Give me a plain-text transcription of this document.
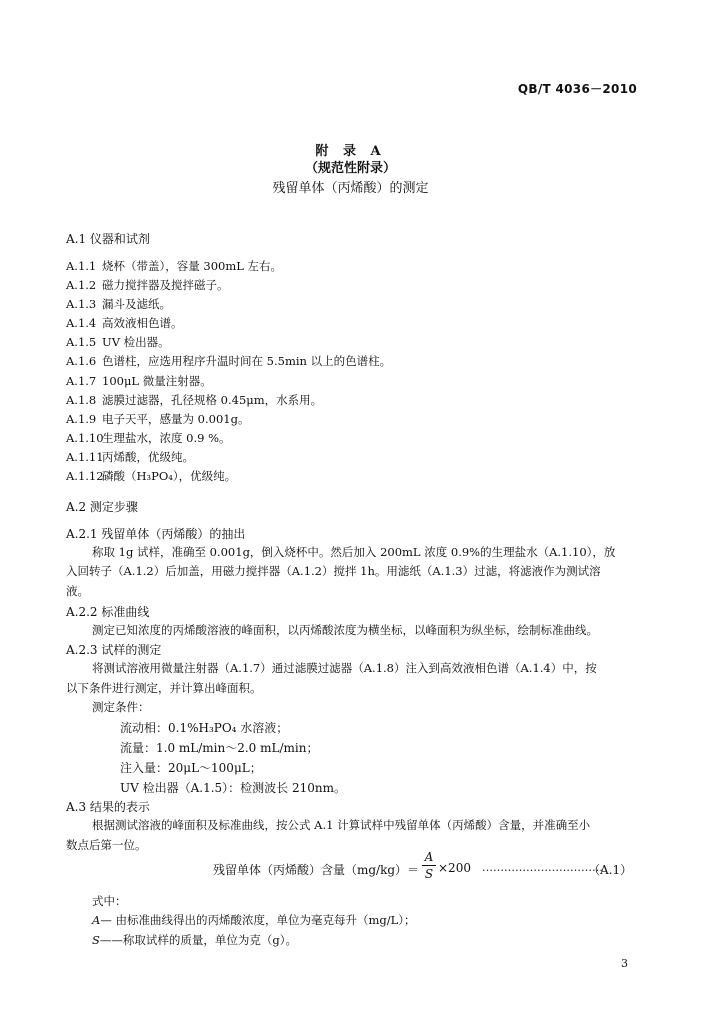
QB/T 4036－2010
附 录 A
（规范性附录）
残留单体（丙烯酸）的测定
A.1 仪器和试剂
A.1.1 烧杯（带盖），容量 300mL 左右。
A.1.2 磁力搅拌器及搅拌磁子。
A.1.3 漏斗及滤纸。
A.1.4 高效液相色谱。
A.1.5 UV 检出器。
A.1.6 色谱柱，应选用程序升温时间在 5.5min 以上的色谱柱。
A.1.7 100μL 微量注射器。
A.1.8 滤膜过滤器，孔径规格 0.45μm，水系用。
A.1.9 电子天平，感量为 0.001g。
A.1.10生理盐水，浓度 0.9 %。
A.1.11丙烯酸，优级纯。
A.1.12磷酸（H₃PO₄），优级纯。
A.2 测定步骤
A.2.1 残留单体（丙烯酸）的抽出
称取 1g 试样，准确至 0.001g，倒入烧杯中。然后加入 200mL 浓度 0.9%的生理盐水（A.1.10），放
入回转子（A.1.2）后加盖，用磁力搅拌器（A.1.2）搅拌 1h。用滤纸（A.1.3）过滤，将滤液作为测试溶
液。
A.2.2 标准曲线
测定已知浓度的丙烯酸溶液的峰面积，以丙烯酸浓度为横坐标，以峰面积为纵坐标，绘制标准曲线。
A.2.3 试样的测定
将测试溶液用微量注射器（A.1.7）通过滤膜过滤器（A.1.8）注入到高效液相色谱（A.1.4）中，按
以下条件进行测定，并计算出峰面积。
测定条件：
流动相：0.1%H₃PO₄ 水溶液；
流量：1.0 mL/min～2.0 mL/min；
注入量：20μL～100μL；
UV 检出器（A.1.5）：检测波长 210nm。
A.3 结果的表示
根据测试溶液的峰面积及标准曲线，按公式 A.1 计算试样中残留单体（丙烯酸）含量，并准确至小
数点后第一位。
残留单体（丙烯酸）含量（mg/kg）＝
A
S ×200 ……………………………
（A.1）
式中：
A— 由标准曲线得出的丙烯酸浓度，单位为毫克每升（mg/L）；
S——称取试样的质量，单位为克（g）。
3
